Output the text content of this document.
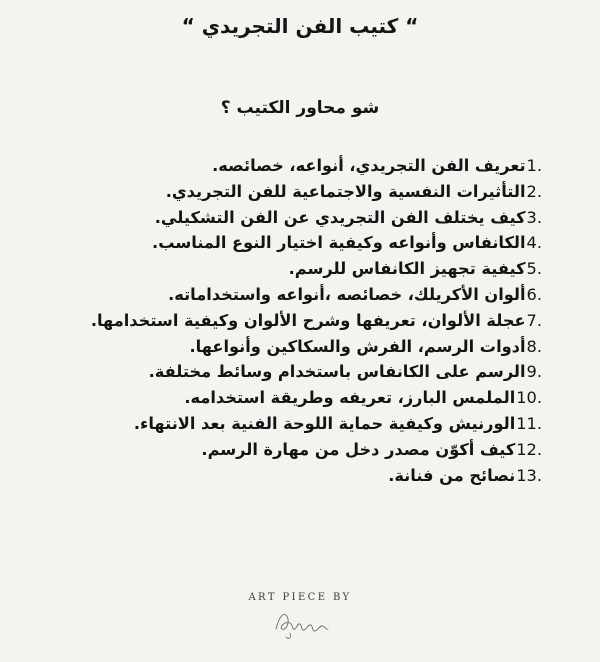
“ كتيب الفن التجريدي “
شو محاور الكتيب ؟
1.تعريف الفن التجريدي، أنواعه، خصائصه.
2.التأثيرات النفسية والاجتماعية للفن التجريدي.
3.كيف يختلف الفن التجريدي عن الفن التشكيلي.
4.الكانفاس وأنواعه وكيفية اختيار النوع المناسب.
5.كيفية تجهيز الكانفاس للرسم.
6.ألوان الأكريلك، خصائصه ،أنواعه واستخداماته.
7.عجلة الألوان، تعريفها وشرح الألوان وكيفية استخدامها.
8.أدوات الرسم، الفرش والسكاكين وأنواعها.
9.الرسم على الكانفاس باستخدام وسائط مختلفة.
10.الملمس البارز، تعريفه وطريقة استخدامه.
11.الورنيش وكيفية حماية اللوحة الفنية بعد الانتهاء.
12.كيف أكوّن مصدر دخل من مهارة الرسم.
13.نصائح من فنانة.

ART PIECE BY
